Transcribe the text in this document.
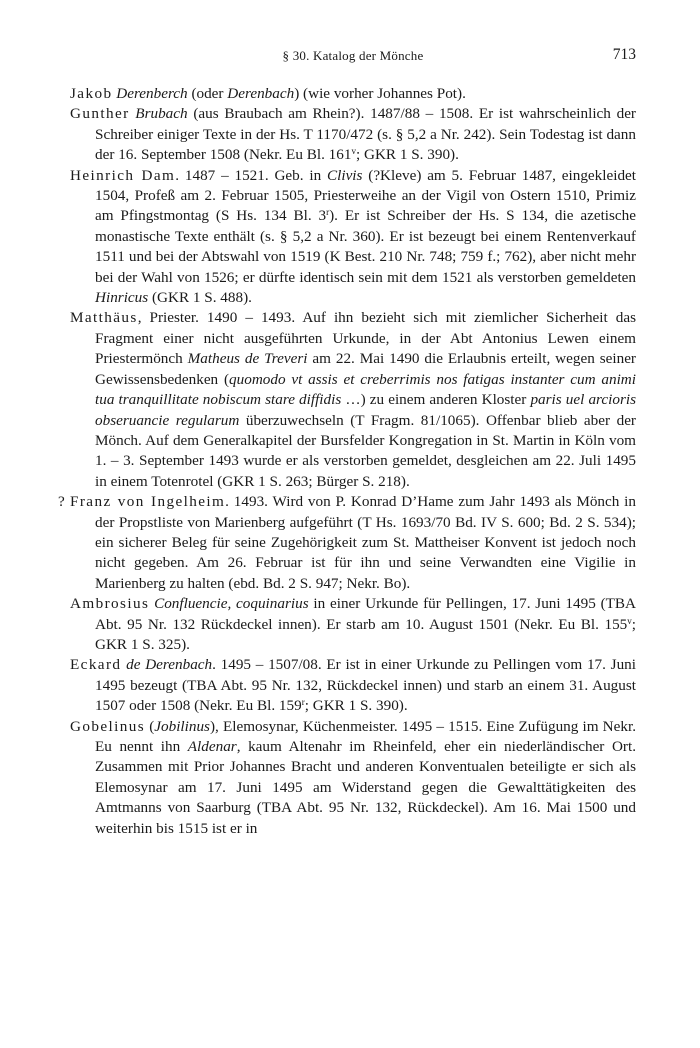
§ 30. Katalog der Mönche	713

Jakob Derenberch (oder Derenbach) (wie vorher Johannes Pot).

Gunther Brubach (aus Braubach am Rhein?). 1487/88 – 1508. Er ist wahrscheinlich der Schreiber einiger Texte in der Hs. T 1170/472 (s. § 5,2 a Nr. 242). Sein Todestag ist dann der 16. September 1508 (Nekr. Eu Bl. 161$^v$; GKR 1 S. 390).

Heinrich Dam. 1487 – 1521. Geb. in Clivis (?Kleve) am 5. Februar 1487, eingekleidet 1504, Profeß am 2. Februar 1505, Priesterweihe an der Vigil von Ostern 1510, Primiz am Pfingstmontag (S Hs. 134 Bl. 3$^r$). Er ist Schreiber der Hs. S 134, die azetische monastische Texte enthält (s. § 5,2 a Nr. 360). Er ist bezeugt bei einem Rentenverkauf 1511 und bei der Abtswahl von 1519 (K Best. 210 Nr. 748; 759 f.; 762), aber nicht mehr bei der Wahl von 1526; er dürfte identisch sein mit dem 1521 als verstorben gemeldeten Hinricus (GKR 1 S. 488).

Matthäus, Priester. 1490 – 1493. Auf ihn bezieht sich mit ziemlicher Sicherheit das Fragment einer nicht ausgeführten Urkunde, in der Abt Antonius Lewen einem Priestermönch Matheus de Treveri am 22. Mai 1490 die Erlaubnis erteilt, wegen seiner Gewissensbedenken (quomodo vt assis et creberrimis nos fatigas instanter cum animi tua tranquillitate nobiscum stare diffidis …) zu einem anderen Kloster paris uel arcioris obseruancie regularum überzuwechseln (T Fragm. 81/1065). Offenbar blieb aber der Mönch. Auf dem Generalkapitel der Bursfelder Kongregation in St. Martin in Köln vom 1. – 3. September 1493 wurde er als verstorben gemeldet, desgleichen am 22. Juli 1495 in einem Totenrotel (GKR 1 S. 263; Bürger S. 218).

? Franz von Ingelheim. 1493. Wird von P. Konrad D’Hame zum Jahr 1493 als Mönch in der Propstliste von Marienberg aufgeführt (T Hs. 1693/70 Bd. IV S. 600; Bd. 2 S. 534); ein sicherer Beleg für seine Zugehörigkeit zum St. Mattheiser Konvent ist jedoch noch nicht gegeben. Am 26. Februar ist für ihn und seine Verwandten eine Vigilie in Marienberg zu halten (ebd. Bd. 2 S. 947; Nekr. Bo).

Ambrosius Confluencie, coquinarius in einer Urkunde für Pellingen, 17. Juni 1495 (TBA Abt. 95 Nr. 132 Rückdeckel innen). Er starb am 10. August 1501 (Nekr. Eu Bl. 155$^v$; GKR 1 S. 325).

Eckard de Derenbach. 1495 – 1507/08. Er ist in einer Urkunde zu Pellingen vom 17. Juni 1495 bezeugt (TBA Abt. 95 Nr. 132, Rückdeckel innen) und starb an einem 31. August 1507 oder 1508 (Nekr. Eu Bl. 159$^r$; GKR 1 S. 390).

Gobelinus (Jobilinus), Elemosynar, Küchenmeister. 1495 – 1515. Eine Zufügung im Nekr. Eu nennt ihn Aldenar, kaum Altenahr im Rheinfeld, eher ein niederländischer Ort. Zusammen mit Prior Johannes Bracht und anderen Konventualen beteiligte er sich als Elemosynar am 17. Juni 1495 am Widerstand gegen die Gewalttätigkeiten des Amtmanns von Saarburg (TBA Abt. 95 Nr. 132, Rückdeckel). Am 16. Mai 1500 und weiterhin bis 1515 ist er in
